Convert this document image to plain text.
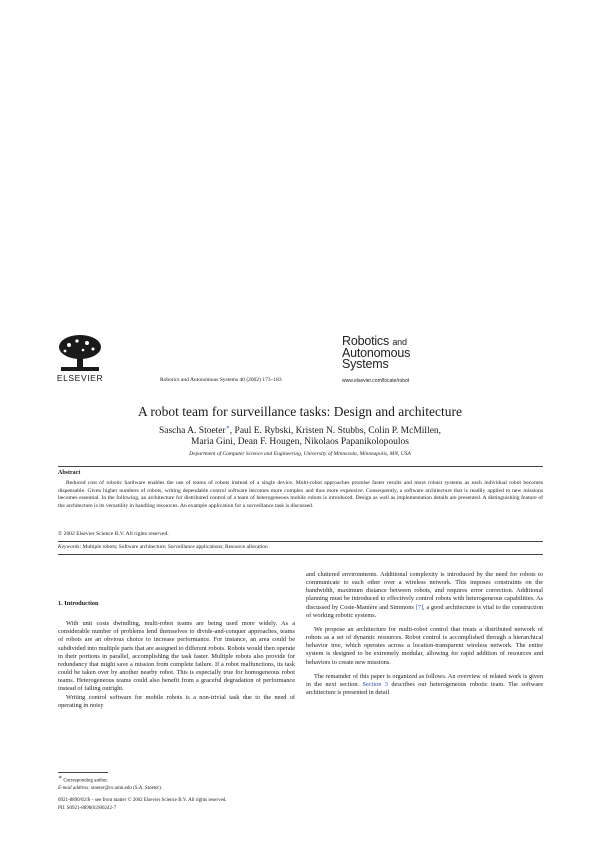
ELSEVIER	Robotics and Autonomous Systems 40 (2002) 173–183
Robotics and
Autonomous
Systems
www.elsevier.com/locate/robot
A robot team for surveillance tasks: Design and architecture
Sascha A. Stoeter∗, Paul E. Rybski, Kristen N. Stubbs, Colin P. McMillen,
Maria Gini, Dean F. Hougen, Nikolaos Papanikolopoulos
Department of Computer Science and Engineering, University of Minnesota, Minneapolis, MN, USA
Abstract
Reduced cost of robotic hardware enables the use of teams of robots instead of a single device. Multi-robot approaches promise faster results and more robust systems as each individual robot becomes dispensable. Given higher numbers of robots, writing dependable control software becomes more complex and thus more expensive. Consequently, a software architecture that is readily applied to new missions becomes essential. In the following, an architecture for distributed control of a team of heterogeneous mobile robots is introduced. Design as well as implementation details are presented. A distinguishing feature of the architecture is its versatility in handling resources. An example application for a surveillance task is discussed.
© 2002 Elsevier Science B.V. All rights reserved.
Keywords: Multiple robots; Software architecture; Surveillance applications; Resource allocation
1. Introduction
With unit costs dwindling, multi-robot teams are being used more widely. As a considerable number of problems lend themselves to divide-and-conquer approaches, teams of robots are an obvious choice to increase performance. For instance, an area could be subdivided into multiple parts that are assigned to different robots. Robots would then operate in their portions in parallel, accomplishing the task faster. Multiple robots also provide for redundancy that might save a mission from complete failure. If a robot malfunctions, its task could be taken over by another nearby robot. This is especially true for homogeneous robot teams. Heterogeneous teams could also benefit from a graceful degradation of performance instead of failing outright.
Writing control software for mobile robots is a non-trivial task due to the need of operating in noisy
and cluttered environments. Additional complexity is introduced by the need for robots to communicate to each other over a wireless network. This imposes constraints on the bandwidth, maximum distance between robots, and requires error correction. Additional planning must be introduced to effectively control robots with heterogeneous capabilities. As discussed by Coste-Manière and Simmons [7], a good architecture is vital to the construction of working robotic systems.
We propose an architecture for multi-robot control that treats a distributed network of robots as a set of dynamic resources. Robot control is accomplished through a hierarchical behavior tree, which operates across a location-transparent wireless network. The entire system is designed to be extremely modular, allowing for rapid addition of resources and behaviors to create new missions.
The remainder of this paper is organized as follows. An overview of related work is given in the next section. Section 3 describes our heterogeneous robotic team. The software architecture is presented in detail
∗ Corresponding author.
E-mail address: stoeter@cs.umn.edu (S.A. Stoeter).
0921-8890/02/$ – see front matter © 2002 Elsevier Science B.V. All rights reserved.
PII: S0921-8890(02)00242-7
